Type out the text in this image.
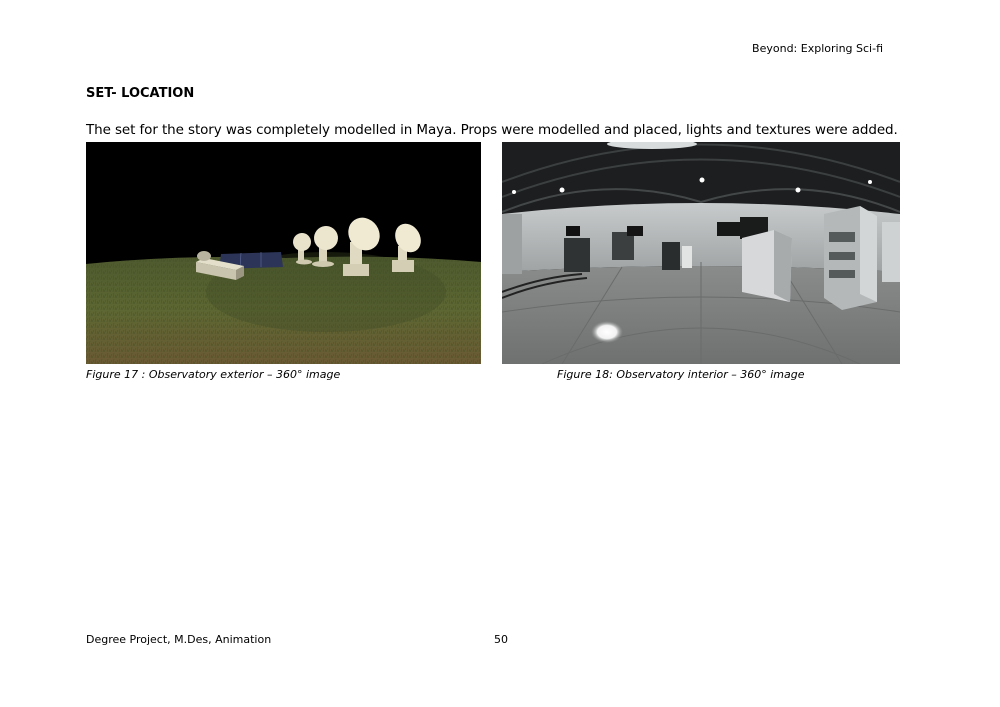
Beyond: Exploring Sci-fi
SET- LOCATION
The set for the story was completely modelled in Maya. Props were modelled and placed, lights and textures were added.
Figure 17 : Observatory exterior – 360° image	Figure 18: Observatory interior – 360° image
Degree Project, M.Des, Animation	50
